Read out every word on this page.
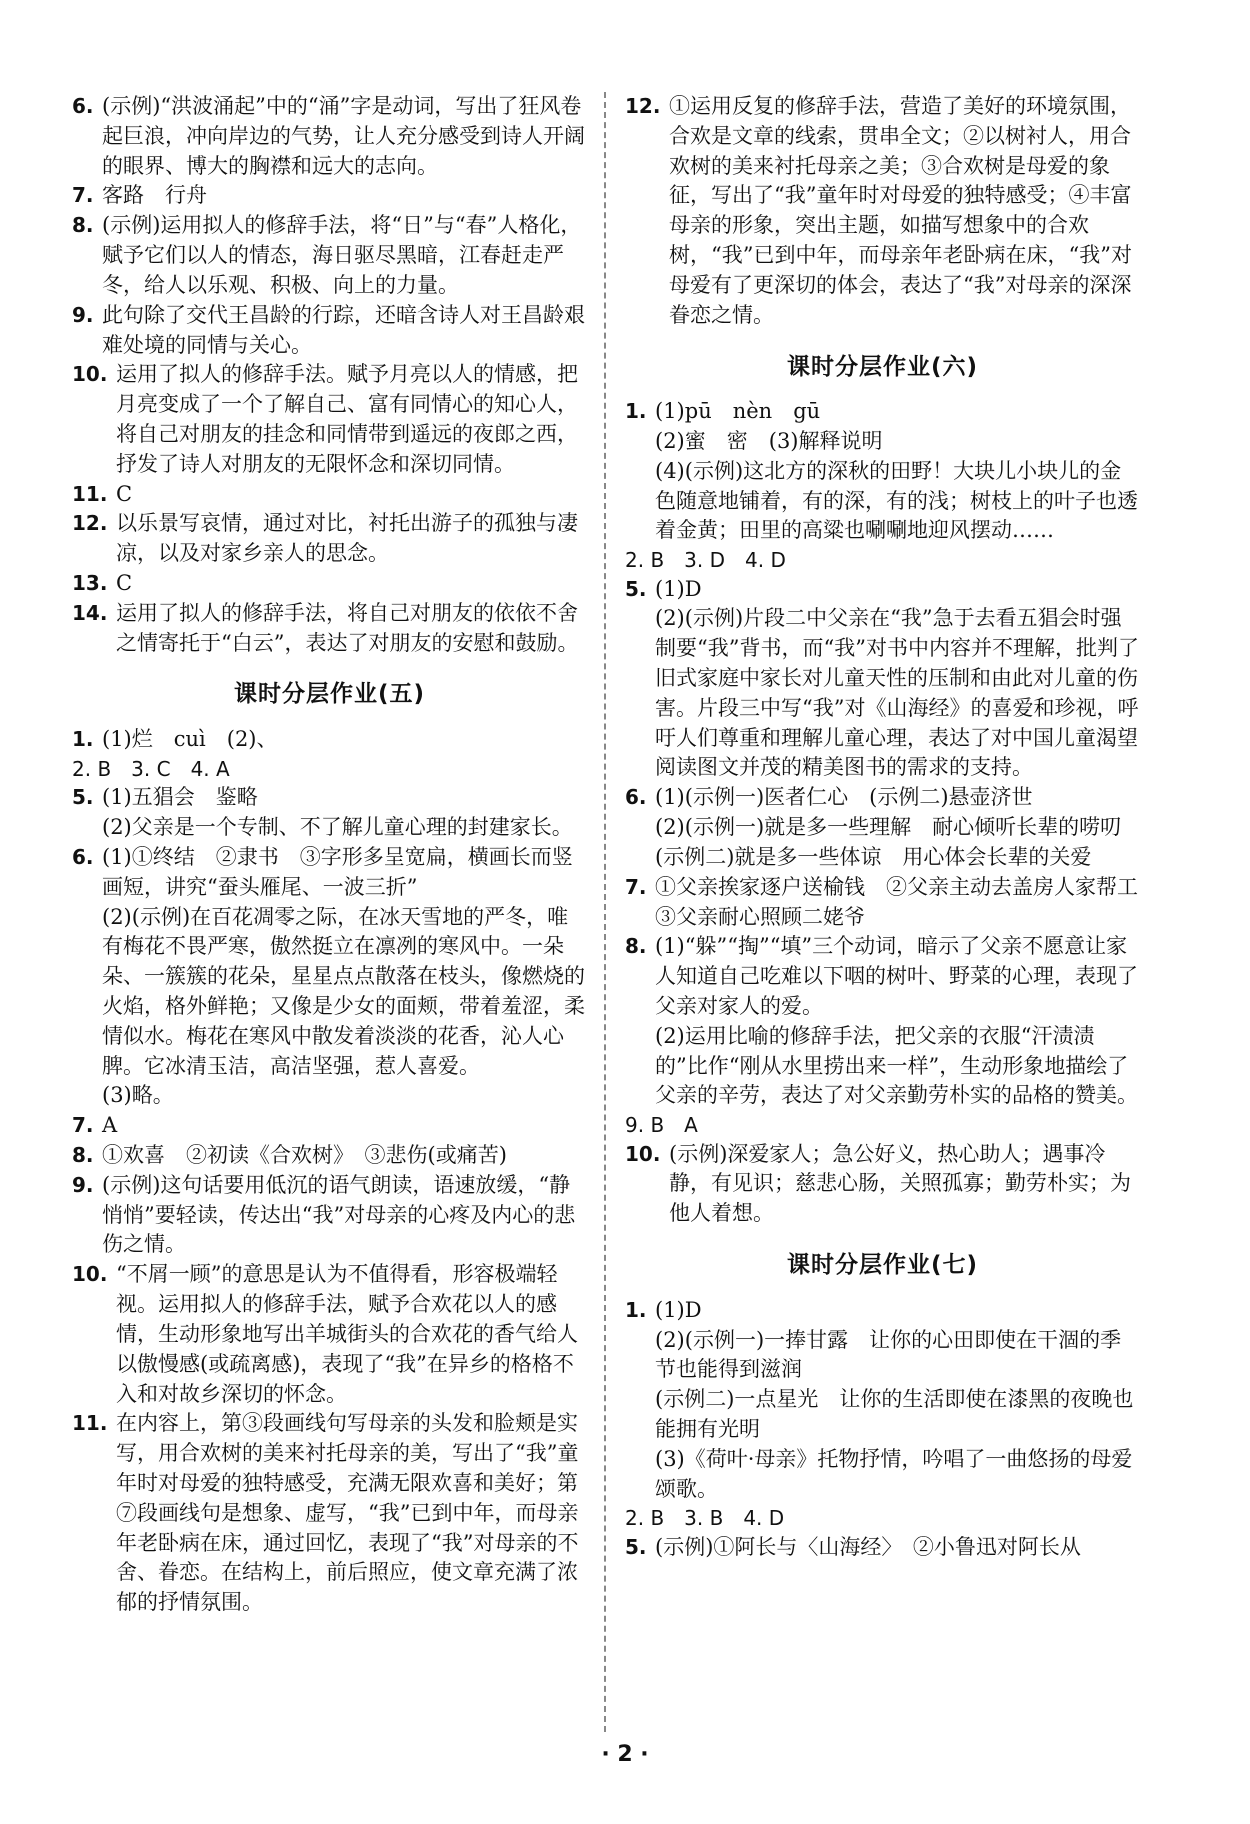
6. (示例)“洪波涌起”中的“涌”字是动词，写出了狂风卷起巨浪，冲向岸边的气势，让人充分感受到诗人开阔的眼界、博大的胸襟和远大的志向。

7. 客路　行舟

8. (示例)运用拟人的修辞手法，将“日”与“春”人格化，赋予它们以人的情态，海日驱尽黑暗，江春赶走严冬，给人以乐观、积极、向上的力量。

9. 此句除了交代王昌龄的行踪，还暗含诗人对王昌龄艰难处境的同情与关心。

10. 运用了拟人的修辞手法。赋予月亮以人的情感，把月亮变成了一个了解自己、富有同情心的知心人，将自己对朋友的挂念和同情带到遥远的夜郎之西，抒发了诗人对朋友的无限怀念和深切同情。

11. C

12. 以乐景写哀情，通过对比，衬托出游子的孤独与凄凉，以及对家乡亲人的思念。

13. C

14. 运用了拟人的修辞手法，将自己对朋友的依依不舍之情寄托于“白云”，表达了对朋友的安慰和鼓励。

课时分层作业(五)

1. (1)烂　cuì　(2)、

2. B　3. C　4. A

5. (1)五猖会　鉴略

(2)父亲是一个专制、不了解儿童心理的封建家长。

6. (1)①终结　②隶书　③字形多呈宽扁，横画长而竖画短，讲究“蚕头雁尾、一波三折”

(2)(示例)在百花凋零之际，在冰天雪地的严冬，唯有梅花不畏严寒，傲然挺立在凛冽的寒风中。一朵朵、一簇簇的花朵，星星点点散落在枝头，像燃烧的火焰，格外鲜艳；又像是少女的面颊，带着羞涩，柔情似水。梅花在寒风中散发着淡淡的花香，沁人心脾。它冰清玉洁，高洁坚强，惹人喜爱。

(3)略。

7. A

8. ①欢喜　②初读《合欢树》　③悲伤(或痛苦)

9. (示例)这句话要用低沉的语气朗读，语速放缓，“静悄悄”要轻读，传达出“我”对母亲的心疼及内心的悲伤之情。

10. “不屑一顾”的意思是认为不值得看，形容极端轻视。运用拟人的修辞手法，赋予合欢花以人的感情，生动形象地写出羊城街头的合欢花的香气给人以傲慢感(或疏离感)，表现了“我”在异乡的格格不入和对故乡深切的怀念。

11. 在内容上，第③段画线句写母亲的头发和脸颊是实写，用合欢树的美来衬托母亲的美，写出了“我”童年时对母爱的独特感受，充满无限欢喜和美好；第⑦段画线句是想象、虚写，“我”已到中年，而母亲年老卧病在床，通过回忆，表现了“我”对母亲的不舍、眷恋。在结构上，前后照应，使文章充满了浓郁的抒情氛围。

12. ①运用反复的修辞手法，营造了美好的环境氛围，合欢是文章的线索，贯串全文；②以树衬人，用合欢树的美来衬托母亲之美；③合欢树是母爱的象征，写出了“我”童年时对母爱的独特感受；④丰富母亲的形象，突出主题，如描写想象中的合欢树，“我”已到中年，而母亲年老卧病在床，“我”对母爱有了更深切的体会，表达了“我”对母亲的深深眷恋之情。

课时分层作业(六)
1. (1)pū　nèn　gū

(2)蜜　密　(3)解释说明

(4)(示例)这北方的深秋的田野！大块儿小块儿的金色随意地铺着，有的深，有的浅；树枝上的叶子也透着金黄；田里的高粱也唰唰地迎风摆动……

2. B　3. D　4. D

5. (1)D

(2)(示例)片段二中父亲在“我”急于去看五猖会时强制要“我”背书，而“我”对书中内容并不理解，批判了旧式家庭中家长对儿童天性的压制和由此对儿童的伤害。片段三中写“我”对《山海经》的喜爱和珍视，呼吁人们尊重和理解儿童心理，表达了对中国儿童渴望阅读图文并茂的精美图书的需求的支持。

6. (1)(示例一)医者仁心　(示例二)悬壶济世

(2)(示例一)就是多一些理解　耐心倾听长辈的唠叨

(示例二)就是多一些体谅　用心体会长辈的关爱

7. ①父亲挨家逐户送榆钱　②父亲主动去盖房人家帮工　③父亲耐心照顾二姥爷

8. (1)“躲”“掏”“填”三个动词，暗示了父亲不愿意让家人知道自己吃难以下咽的树叶、野菜的心理，表现了父亲对家人的爱。

(2)运用比喻的修辞手法，把父亲的衣服“汗渍渍的”比作“刚从水里捞出来一样”，生动形象地描绘了父亲的辛劳，表达了对父亲勤劳朴实的品格的赞美。

9. B　A

10. (示例)深爱家人；急公好义，热心助人；遇事冷静，有见识；慈悲心肠，关照孤寡；勤劳朴实；为他人着想。

课时分层作业(七)
1. (1)D

(2)(示例一)一捧甘露　让你的心田即使在干涸的季节也能得到滋润

(示例二)一点星光　让你的生活即使在漆黑的夜晚也能拥有光明

(3)《荷叶·母亲》托物抒情，吟唱了一曲悠扬的母爱颂歌。

2. B　3. B　4. D

5. (示例)①阿长与〈山海经〉　②小鲁迅对阿长从

· 2 ·
